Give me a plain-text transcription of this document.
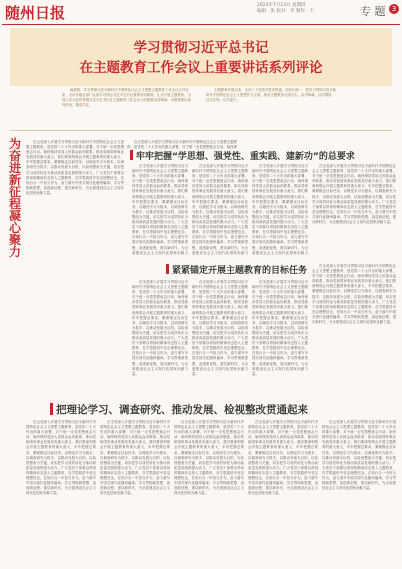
随州日报	2023年7月13日 星期四
编辑：张 校对：李 制作：王	专 题 3
学习贯彻习近平总书记
在主题教育工作会议上重要讲话系列评论
编者按：学习贯彻习近平新时代中国特色社会主义思想主题教育工作会议召开以来，全市各级各部门认真学习领会习近平总书记重要讲话精神，扎实开展主题教育。为深入学习宣传贯彻习近平总书记在主题教育工作会议上的重要讲话精神，本报特推出系列评论，敬请关注。
主题教育开展以来，全市上下坚持学思用贯通、知信行统一，把学习贯彻习近平新时代中国特色社会主义思想作为主线，推动主题教育走深走实，以学铸魂、以学增智、以学正风、以学促干。
为奋进新征程凝心聚力
在全党深入开展学习贯彻习近平新时代中国特色社会主义思想主题教育，是党的二十大作出的重大部署，对于统一全党思想意志行动、始终保持党同人民群众血肉联系、推动党和国家事业发展具有重大意义。我们要深刻领会开展主题教育的重大意义，牢牢把握总要求，紧紧锚定目标任务，以理论学习为根本，以调查研究为抓手，以推动发展为目的，以检视整改为关键，切实把学习成效转化为推动高质量发展的强大动力。广大党员干部要以昂扬的精神状态投入主题教育，在学思践悟中坚定理想信念，在知行合一中担当作为，奋力谱写中国式现代化随州篇章。学习贯彻新思想，奋进新征程，建功新时代，为全面建设社会主义现代化国家贡献力量。
在全党深入开展学习贯彻习近平新时代中国特色社会主义思想主题教育，是党的二十大作出的重大部署，对于统一全党思想意志行动、始终保
牢牢把握“学思想、强党性、重实践、建新功”的总要求
在全党深入开展学习贯彻习近平新时代中国特色社会主义思想主题教育，是党的二十大作出的重大部署，对于统一全党思想意志行动、始终保持党同人民群众血肉联系、推动党和国家事业发展具有重大意义。我们要深刻领会开展主题教育的重大意义，牢牢把握总要求，紧紧锚定目标任务，以理论学习为根本，以调查研究为抓手，以推动发展为目的，以检视整改为关键，切实把学习成效转化为推动高质量发展的强大动力。广大党员干部要以昂扬的精神状态投入主题教育，在学思践悟中坚定理想信念，在知行合一中担当作为，奋力谱写中国式现代化随州篇章。学习贯彻新思想，奋进新征程，建功新时代，为全面建设社会主义现代化国家贡献力
在全党深入开展学习贯彻习近平新时代中国特色社会主义思想主题教育，是党的二十大作出的重大部署，对于统一全党思想意志行动、始终保持党同人民群众血肉联系、推动党和国家事业发展具有重大意义。我们要深刻领会开展主题教育的重大意义，牢牢把握总要求，紧紧锚定目标任务，以理论学习为根本，以调查研究为抓手，以推动发展为目的，以检视整改为关键，切实把学习成效转化为推动高质量发展的强大动力。广大党员干部要以昂扬的精神状态投入主题教育，在学思践悟中坚定理想信念，在知行合一中担当作为，奋力谱写中国式现代化随州篇章。学习贯彻新思想，奋进新征程，建功新时代，为全面建设社会主义现代化国家贡献力
在全党深入开展学习贯彻习近平新时代中国特色社会主义思想主题教育，是党的二十大作出的重大部署，对于统一全党思想意志行动、始终保持党同人民群众血肉联系、推动党和国家事业发展具有重大意义。我们要深刻领会开展主题教育的重大意义，牢牢把握总要求，紧紧锚定目标任务，以理论学习为根本，以调查研究为抓手，以推动发展为目的，以检视整改为关键，切实把学习成效转化为推动高质量发展的强大动力。广大党员干部要以昂扬的精神状态投入主题教育，在学思践悟中坚定理想信念，在知行合一中担当作为，奋力谱写中国式现代化随州篇章。学习贯彻新思想，奋进新征程，建功新时代，为全面建设社会主义现代化国家贡献力
在全党深入开展学习贯彻习近平新时代中国特色社会主义思想主题教育，是党的二十大作出的重大部署，对于统一全党思想意志行动、始终保持党同人民群众血肉联系、推动党和国家事业发展具有重大意义。我们要深刻领会开展主题教育的重大意义，牢牢把握总要求，紧紧锚定目标任务，以理论学习为根本，以调查研究为抓手，以推动发展为目的，以检视整改为关键，切实把学习成效转化为推动高质量发展的强大动力。广大党员干部要以昂扬的精神状态投入主题教育，在学思践悟中坚定理想信念，在知行合一中担当作为，奋力谱写中国式现代化随州篇章。学习贯彻新思想，奋进新征程，建功新时代，为全面建设社会主义现代化国家贡献力量。
紧紧锚定开展主题教育的目标任务
在全党深入开展学习贯彻习近平新时代中国特色社会主义思想主题教育，是党的二十大作出的重大部署，对于统一全党思想意志行动、始终保持党同人民群众血肉联系、推动党和国家事业发展具有重大意义。我们要深刻领会开展主题教育的重大意义，牢牢把握总要求，紧紧锚定目标任务，以理论学习为根本，以调查研究为抓手，以推动发展为目的，以检视整改为关键，切实把学习成效转化为推动高质量发展的强大动力。广大党员干部要以昂扬的精神状态投入主题教育，在学思践悟中坚定理想信念，在知行合一中担当作为，奋力谱写中国式现代化随州篇章。学习贯彻新思想，奋进新征程，建功新时代，为全面建设社会主义现代化国家贡献力量。
在全党深入开展学习贯彻习近平新时代中国特色社会主义思想主题教育，是党的二十大作出的重大部署，对于统一全党思想意志行动、始终保持党同人民群众血肉联系、推动党和国家事业发展具有重大意义。我们要深刻领会开展主题教育的重大意义，牢牢把握总要求，紧紧锚定目标任务，以理论学习为根本，以调查研究为抓手，以推动发展为目的，以检视整改为关键，切实把学习成效转化为推动高质量发展的强大动力。广大党员干部要以昂扬的精神状态投入主题教育，在学思践悟中坚定理想信念，在知行合一中担当作为，奋力谱写中国式现代化随州篇章。学习贯彻新思想，奋进新征程，建功新时代，为全面建设社会主义现代化国家贡献力量。
在全党深入开展学习贯彻习近平新时代中国特色社会主义思想主题教育，是党的二十大作出的重大部署，对于统一全党思想意志行动、始终保持党同人民群众血肉联系、推动党和国家事业发展具有重大意义。我们要深刻领会开展主题教育的重大意义，牢牢把握总要求，紧紧锚定目标任务，以理论学习为根本，以调查研究为抓手，以推动发展为目的，以检视整改为关键，切实把学习成效转化为推动高质量发展的强大动力。广大党员干部要以昂扬的精神状态投入主题教育，在学思践悟中坚定理想信念，在知行合一中担当作为，奋力谱写中国式现代化随州篇章。学习贯彻新思想，奋进新征程，建功新时代，为全面建设社会主义现代化国家贡献力量。
在全党深入开展学习贯彻习近平新时代中国特色社会主义思想主题教育，是党的二十大作出的重大部署，对于统一全党思想意志行动、始终保持党同人民群众血肉联系、推动党和国家事业发展具有重大意义。我们要深刻领会开展主题教育的重大意义，牢牢把握总要求，紧紧锚定目标任务，以理论学习为根本，以调查研究为抓手，以推动发展为目的，以检视整改为关键，切实把学习成效转化为推动高质量发展的强大动力。广大党员干部要以昂扬的精神状态投入主题教育，在学思践悟中坚定理想信念，在知行合一中担当作为，奋力谱写中国式现代化随州篇章。学习贯彻新思想，奋进新征程，建功新时代，为全面建设社会主义现代化国家贡献力量。
把理论学习、调查研究、推动发展、检视整改贯通起来
在全党深入开展学习贯彻习近平新时代中国特色社会主义思想主题教育，是党的二十大作出的重大部署，对于统一全党思想意志行动、始终保持党同人民群众血肉联系、推动党和国家事业发展具有重大意义。我们要深刻领会开展主题教育的重大意义，牢牢把握总要求，紧紧锚定目标任务，以理论学习为根本，以调查研究为抓手，以推动发展为目的，以检视整改为关键，切实把学习成效转化为推动高质量发展的强大动力。广大党员干部要以昂扬的精神状态投入主题教育，在学思践悟中坚定理想信念，在知行合一中担当作为，奋力谱写中国式现代化随州篇章。学习贯彻新思想，奋进新征程，建功新时代，为全面建设社会主义现代化国家贡献力量。
在全党深入开展学习贯彻习近平新时代中国特色社会主义思想主题教育，是党的二十大作出的重大部署，对于统一全党思想意志行动、始终保持党同人民群众血肉联系、推动党和国家事业发展具有重大意义。我们要深刻领会开展主题教育的重大意义，牢牢把握总要求，紧紧锚定目标任务，以理论学习为根本，以调查研究为抓手，以推动发展为目的，以检视整改为关键，切实把学习成效转化为推动高质量发展的强大动力。广大党员干部要以昂扬的精神状态投入主题教育，在学思践悟中坚定理想信念，在知行合一中担当作为，奋力谱写中国式现代化随州篇章。学习贯彻新思想，奋进新征程，建功新时代，为全面建设社会主义现代化国家贡献力量。
在全党深入开展学习贯彻习近平新时代中国特色社会主义思想主题教育，是党的二十大作出的重大部署，对于统一全党思想意志行动、始终保持党同人民群众血肉联系、推动党和国家事业发展具有重大意义。我们要深刻领会开展主题教育的重大意义，牢牢把握总要求，紧紧锚定目标任务，以理论学习为根本，以调查研究为抓手，以推动发展为目的，以检视整改为关键，切实把学习成效转化为推动高质量发展的强大动力。广大党员干部要以昂扬的精神状态投入主题教育，在学思践悟中坚定理想信念，在知行合一中担当作为，奋力谱写中国式现代化随州篇章。学习贯彻新思想，奋进新征程，建功新时代，为全面建设社会主义现代化国家贡献力量。
在全党深入开展学习贯彻习近平新时代中国特色社会主义思想主题教育，是党的二十大作出的重大部署，对于统一全党思想意志行动、始终保持党同人民群众血肉联系、推动党和国家事业发展具有重大意义。我们要深刻领会开展主题教育的重大意义，牢牢把握总要求，紧紧锚定目标任务，以理论学习为根本，以调查研究为抓手，以推动发展为目的，以检视整改为关键，切实把学习成效转化为推动高质量发展的强大动力。广大党员干部要以昂扬的精神状态投入主题教育，在学思践悟中坚定理想信念，在知行合一中担当作为，奋力谱写中国式现代化随州篇章。学习贯彻新思想，奋进新征程，建功新时代，为全面建设社会主义现代化国家贡献力量。
在全党深入开展学习贯彻习近平新时代中国特色社会主义思想主题教育，是党的二十大作出的重大部署，对于统一全党思想意志行动、始终保持党同人民群众血肉联系、推动党和国家事业发展具有重大意义。我们要深刻领会开展主题教育的重大意义，牢牢把握总要求，紧紧锚定目标任务，以理论学习为根本，以调查研究为抓手，以推动发展为目的，以检视整改为关键，切实把学习成效转化为推动高质量发展的强大动力。广大党员干部要以昂扬的精神状态投入主题教育，在学思践悟中坚定理想信念，在知行合一中担当作为，奋力谱写中国式现代化随州篇章。学习贯彻新思想，奋进新征程，建功新时代，为全面建设社会主义现代化国家贡献力量。
